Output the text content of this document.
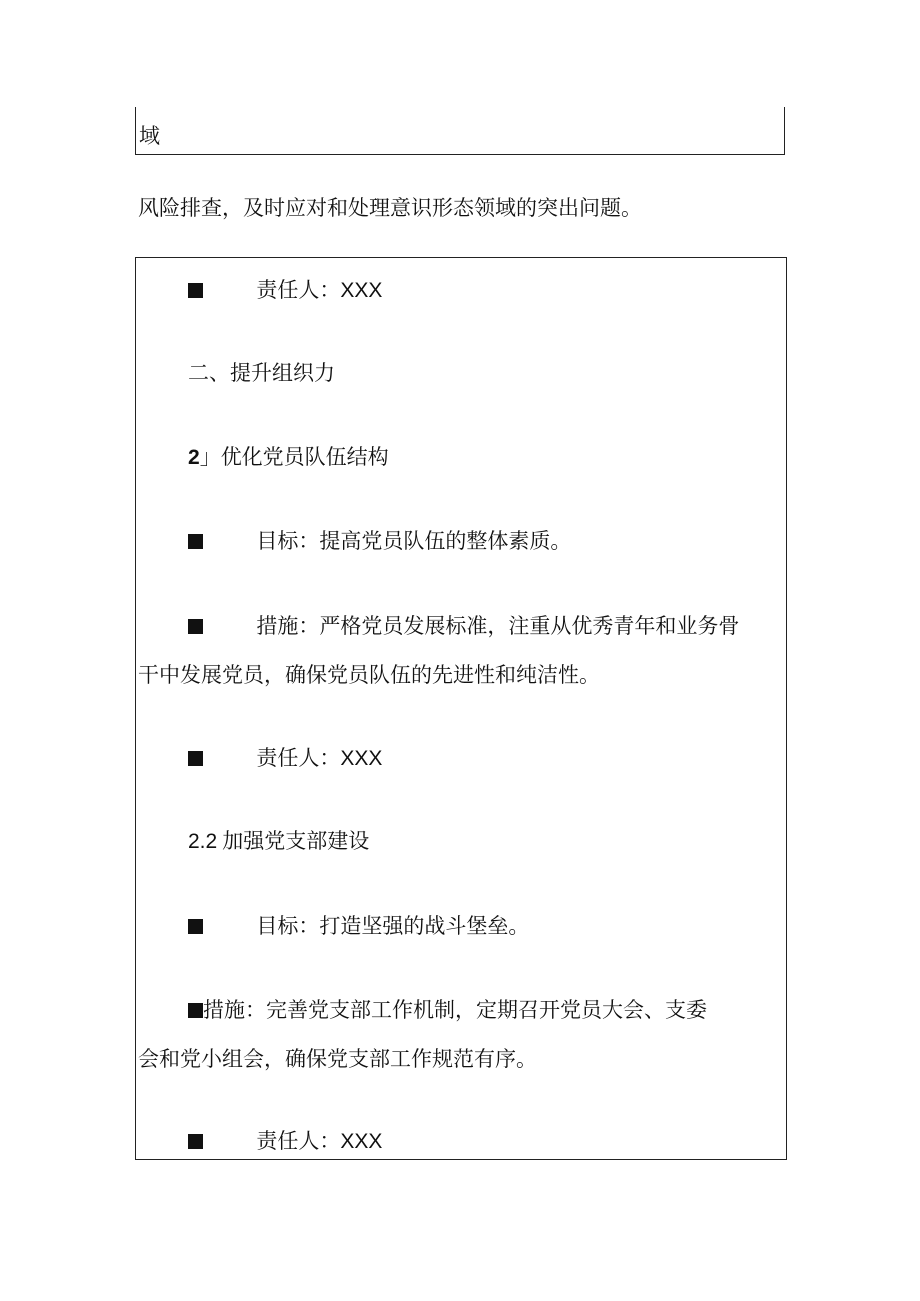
域
风险排查，及时应对和处理意识形态领域的突出问题。
责任人：XXX
二、提升组织力
2」优化党员队伍结构
目标：提高党员队伍的整体素质。
措施：严格党员发展标准，注重从优秀青年和业务骨
干中发展党员，确保党员队伍的先进性和纯洁性。
责任人：XXX
2.2 加强党支部建设
目标：打造坚强的战斗堡垒。
措施：完善党支部工作机制，定期召开党员大会、支委
会和党小组会，确保党支部工作规范有序。
责任人：XXX
